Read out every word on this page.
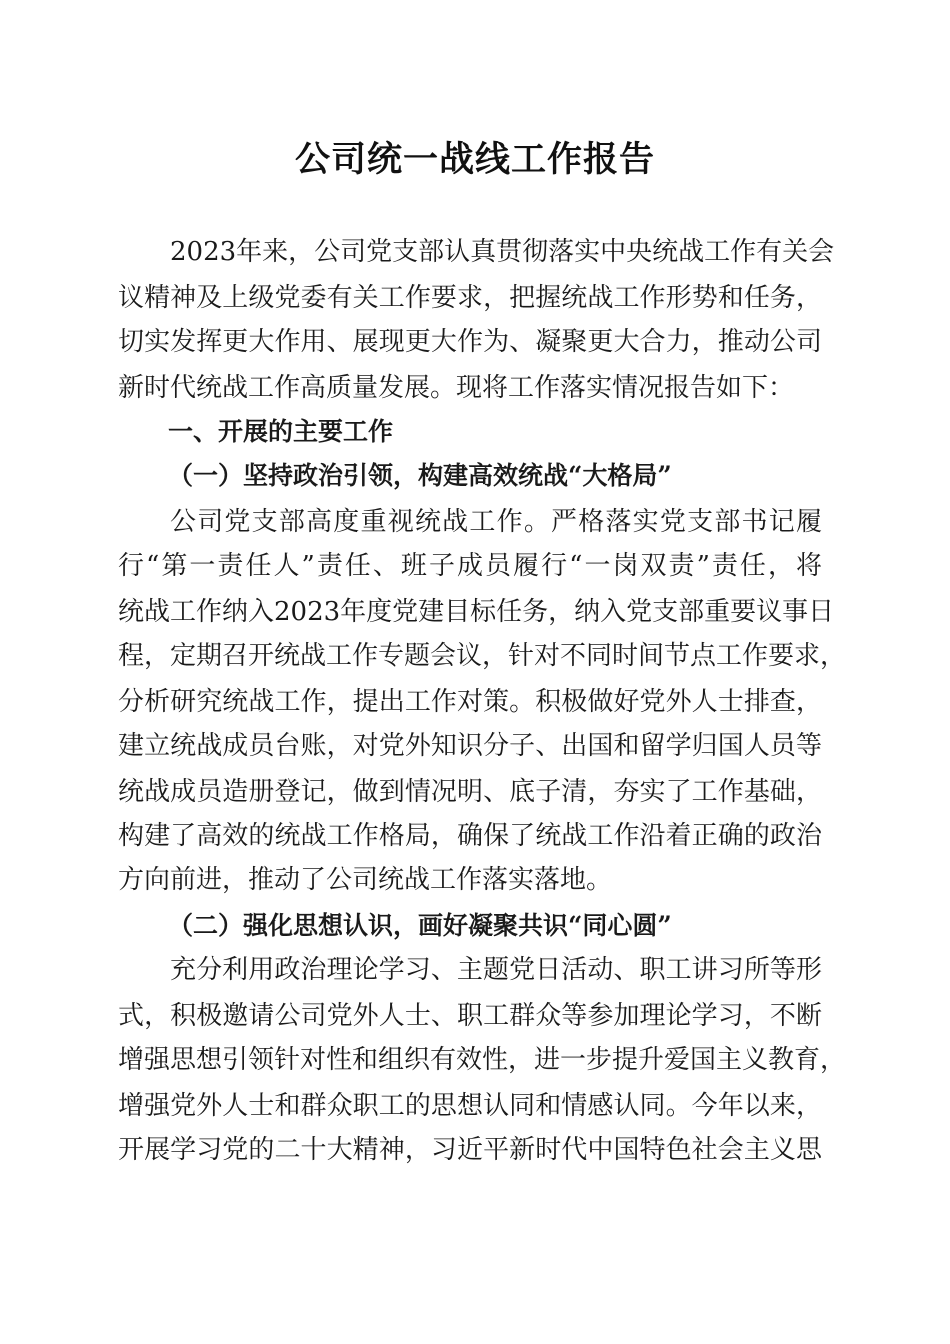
公司统一战线工作报告
2023年来，公司党支部认真贯彻落实中央统战工作有关会
议精神及上级党委有关工作要求，把握统战工作形势和任务，
切实发挥更大作用、展现更大作为、凝聚更大合力，推动公司
新时代统战工作高质量发展。现将工作落实情况报告如下：
一、开展的主要工作
（一）坚持政治引领，构建高效统战“大格局”
公司党支部高度重视统战工作。严格落实党支部书记履
行“第一责任人”责任、班子成员履行“一岗双责”责任，将
统战工作纳入2023年度党建目标任务，纳入党支部重要议事日
程，定期召开统战工作专题会议，针对不同时间节点工作要求，
分析研究统战工作，提出工作对策。积极做好党外人士排查，
建立统战成员台账，对党外知识分子、出国和留学归国人员等
统战成员造册登记，做到情况明、底子清，夯实了工作基础，
构建了高效的统战工作格局，确保了统战工作沿着正确的政治
方向前进，推动了公司统战工作落实落地。
（二）强化思想认识，画好凝聚共识“同心圆”
充分利用政治理论学习、主题党日活动、职工讲习所等形
式，积极邀请公司党外人士、职工群众等参加理论学习，不断
增强思想引领针对性和组织有效性，进一步提升爱国主义教育，
增强党外人士和群众职工的思想认同和情感认同。今年以来，
开展学习党的二十大精神，习近平新时代中国特色社会主义思
